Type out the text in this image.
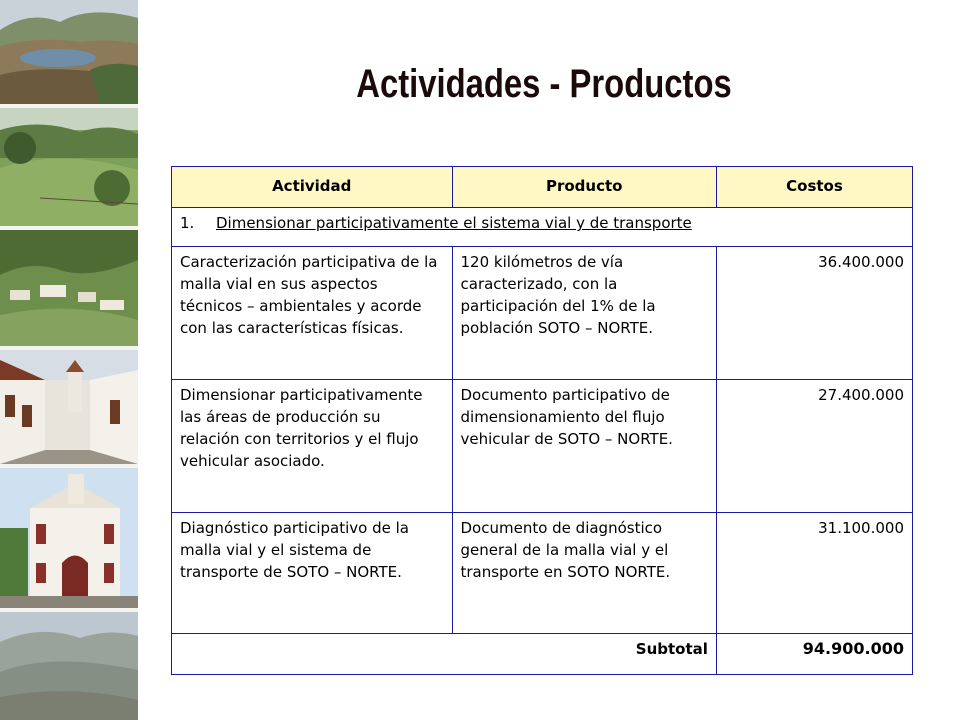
Actividades - Productos
Actividad	Producto	Costos
1. Dimensionar participativamente el sistema vial y de transporte		
Caracterización participativa de la malla vial en sus aspectos técnicos – ambientales y acorde con las características físicas.	120 kilómetros de vía caracterizado, con la participación del 1% de la población SOTO – NORTE.	36.400.000
Dimensionar participativamente las áreas de producción su relación con territorios y el flujo vehicular asociado.	Documento participativo de dimensionamiento del flujo vehicular de SOTO – NORTE.	27.400.000
Diagnóstico participativo de la malla vial y el sistema de transporte de SOTO – NORTE.	Documento de diagnóstico general de la malla vial y el transporte en SOTO NORTE.	31.100.000
Subtotal		94.900.000
